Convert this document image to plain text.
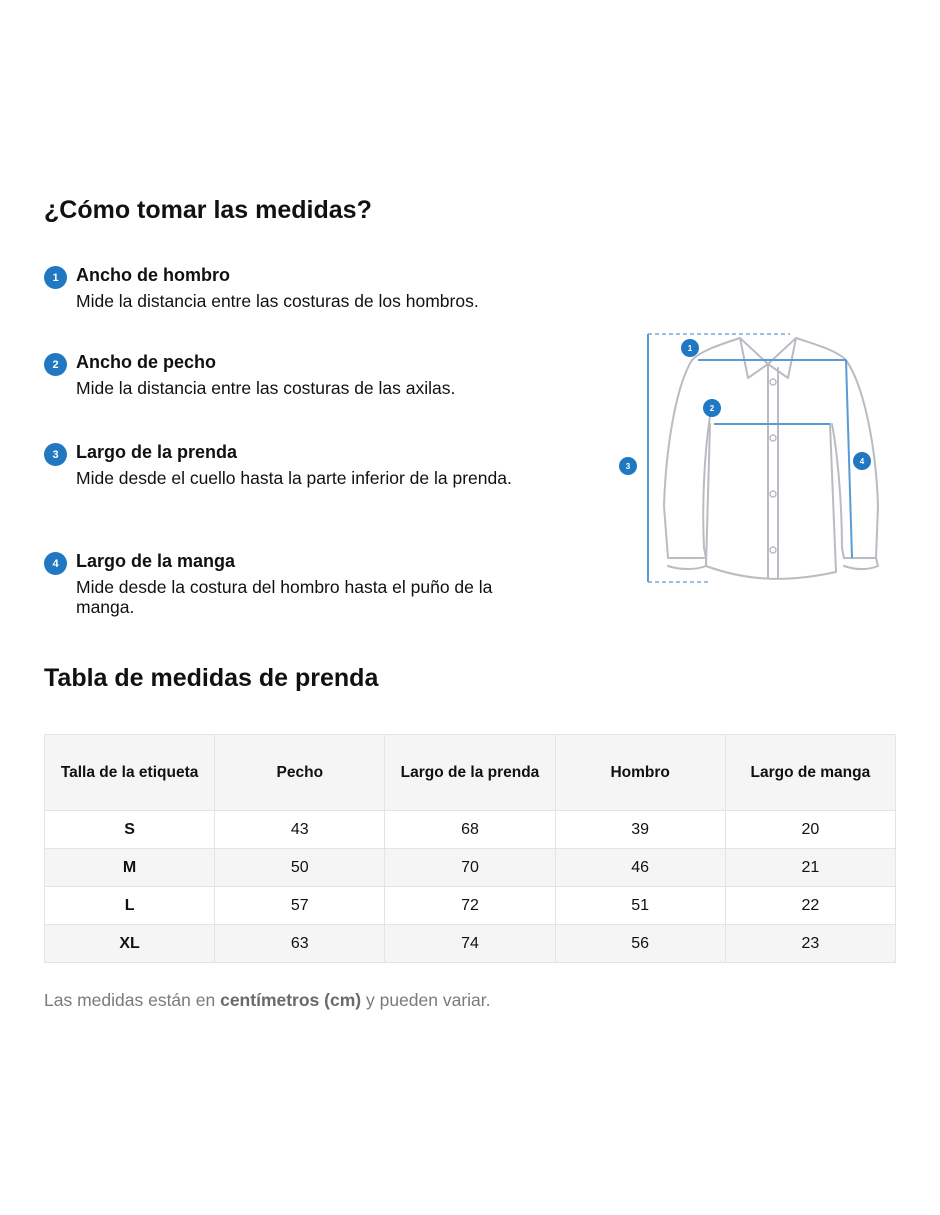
¿Cómo tomar las medidas?
1 Ancho de hombro

Mide la distancia entre las costuras de los hombros.

2 Ancho de pecho

Mide la distancia entre las costuras de las axilas.

3 Largo de la prenda

Mide desde el cuello hasta la parte inferior de la prenda.

4 Largo de la manga

Mide desde la costura del hombro hasta el puño de la manga.

1
2
3
4
Tabla de medidas de prenda
Talla de la etiqueta	Pecho	Largo de la prenda	Hombro	Largo de manga
S	43	68	39	20
M	50	70	46	21
L	57	72	51	22
XL	63	74	56	23

Las medidas están en centímetros (cm) y pueden variar.
